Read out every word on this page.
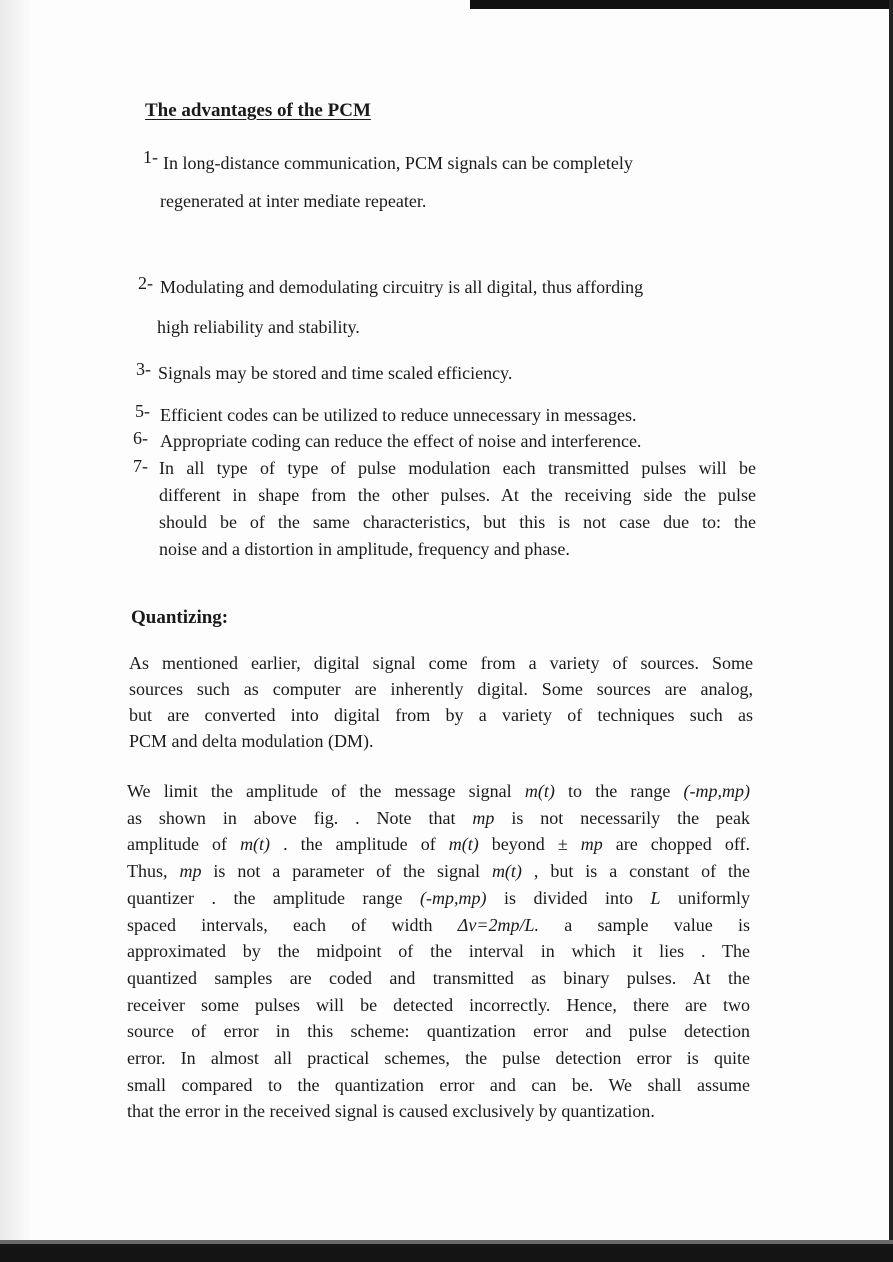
The advantages of the PCM
1- In long-distance communication, PCM signals can be completely
regenerated at inter mediate repeater.
2- Modulating and demodulating circuitry is all digital, thus affording
high reliability and stability.
3- Signals may be stored and time scaled efficiency.
5- Efficient codes can be utilized to reduce unnecessary in messages.
6- Appropriate coding can reduce the effect of noise and interference.
7- In all type of type of pulse modulation each transmitted pulses will be
different in shape from the other pulses. At the receiving side the pulse
should be of the same characteristics, but this is not case due to: the
noise and a distortion in amplitude, frequency and phase.
Quantizing:
As mentioned earlier, digital signal come from a variety of sources. Some
sources such as computer are inherently digital. Some sources are analog,
but are converted into digital from by a variety of techniques such as
PCM and delta modulation (DM).
We limit the amplitude of the message signal m(t) to the range (-mp,mp)
as shown in above fig. . Note that mp is not necessarily the peak
amplitude of m(t) . the amplitude of m(t) beyond ± mp are chopped off.
Thus, mp is not a parameter of the signal m(t) , but is a constant of the
quantizer . the amplitude range (-mp,mp) is divided into L uniformly
spaced intervals, each of width Δv=2mp/L. a sample value is
approximated by the midpoint of the interval in which it lies . The
quantized samples are coded and transmitted as binary pulses. At the
receiver some pulses will be detected incorrectly. Hence, there are two
source of error in this scheme: quantization error and pulse detection
error. In almost all practical schemes, the pulse detection error is quite
small compared to the quantization error and can be. We shall assume
that the error in the received signal is caused exclusively by quantization.
